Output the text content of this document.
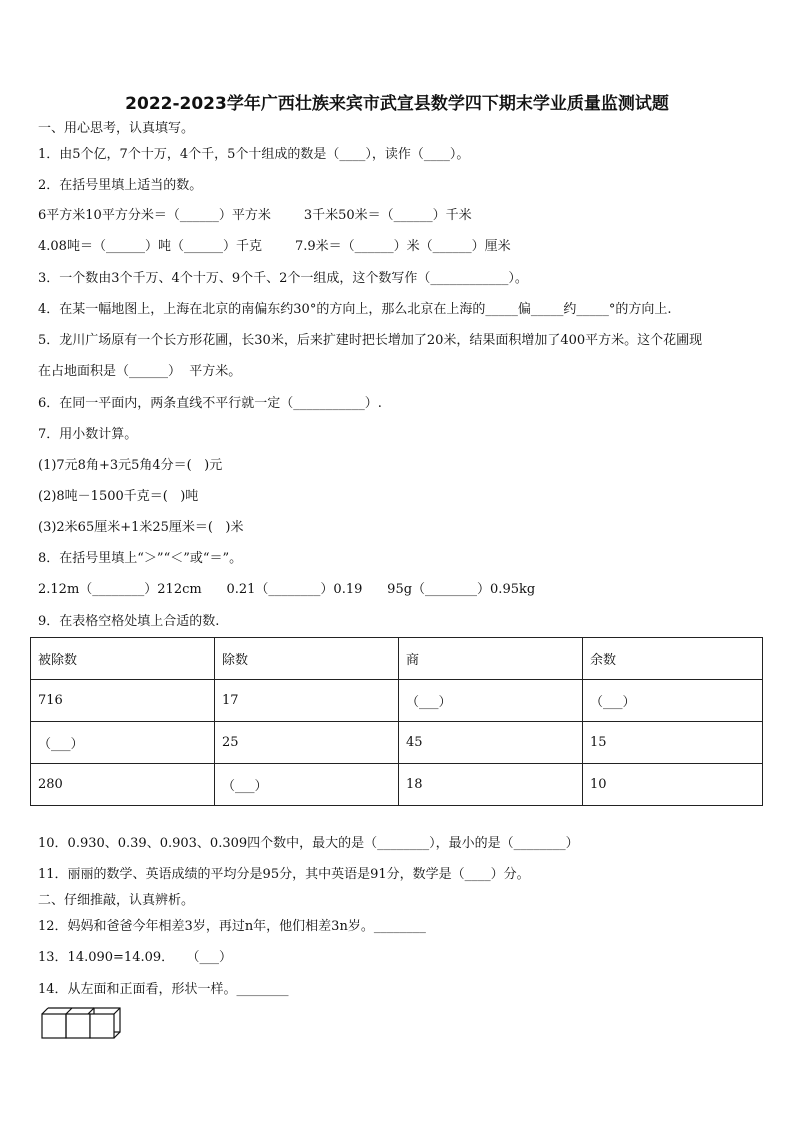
2022-2023学年广西壮族来宾市武宣县数学四下期末学业质量监测试题
一、用心思考，认真填写。
1．由5个亿，7个十万，4个千，5个十组成的数是（____），读作（____）。
2．在括号里填上适当的数。
6平方米10平方分米＝（______）平方米        3千米50米＝（______）千米
4.08吨＝（______）吨（______）千克        7.9米＝（______）米（______）厘米
3．一个数由3个千万、4个十万、9个千、2个一组成，这个数写作（____________）。
4．在某一幅地图上，上海在北京的南偏东约30°的方向上，那么北京在上海的_____偏_____约_____°的方向上.
5．龙川广场原有一个长方形花圃，长30米，后来扩建时把长增加了20米，结果面积增加了400平方米。这个花圃现
在占地面积是（______）  平方米。
6．在同一平面内，两条直线不平行就一定（___________）.
7．用小数计算。
(1)7元8角+3元5角4分＝(   )元
(2)8吨－1500千克＝(   )吨
(3)2米65厘米+1米25厘米＝(   )米
8．在括号里填上“＞”“＜”或“＝”。
2.12m（________）212cm      0.21（________）0.19      95g（________）0.95kg
9．在表格空格处填上合适的数.
被除数	除数	商	余数
716	17	（___）	（___）
（___）	25	45	15
280	（___）	18	10
10．0.930、0.39、0.903、0.309四个数中，最大的是（________），最小的是（________）
11．丽丽的数学、英语成绩的平均分是95分，其中英语是91分，数学是（____）分。
二、仔细推敲，认真辨析。
12．妈妈和爸爸今年相差3岁，再过n年，他们相差3n岁。________
13．14.090=14.09．   （___）
14．从左面和正面看，形状一样。________
